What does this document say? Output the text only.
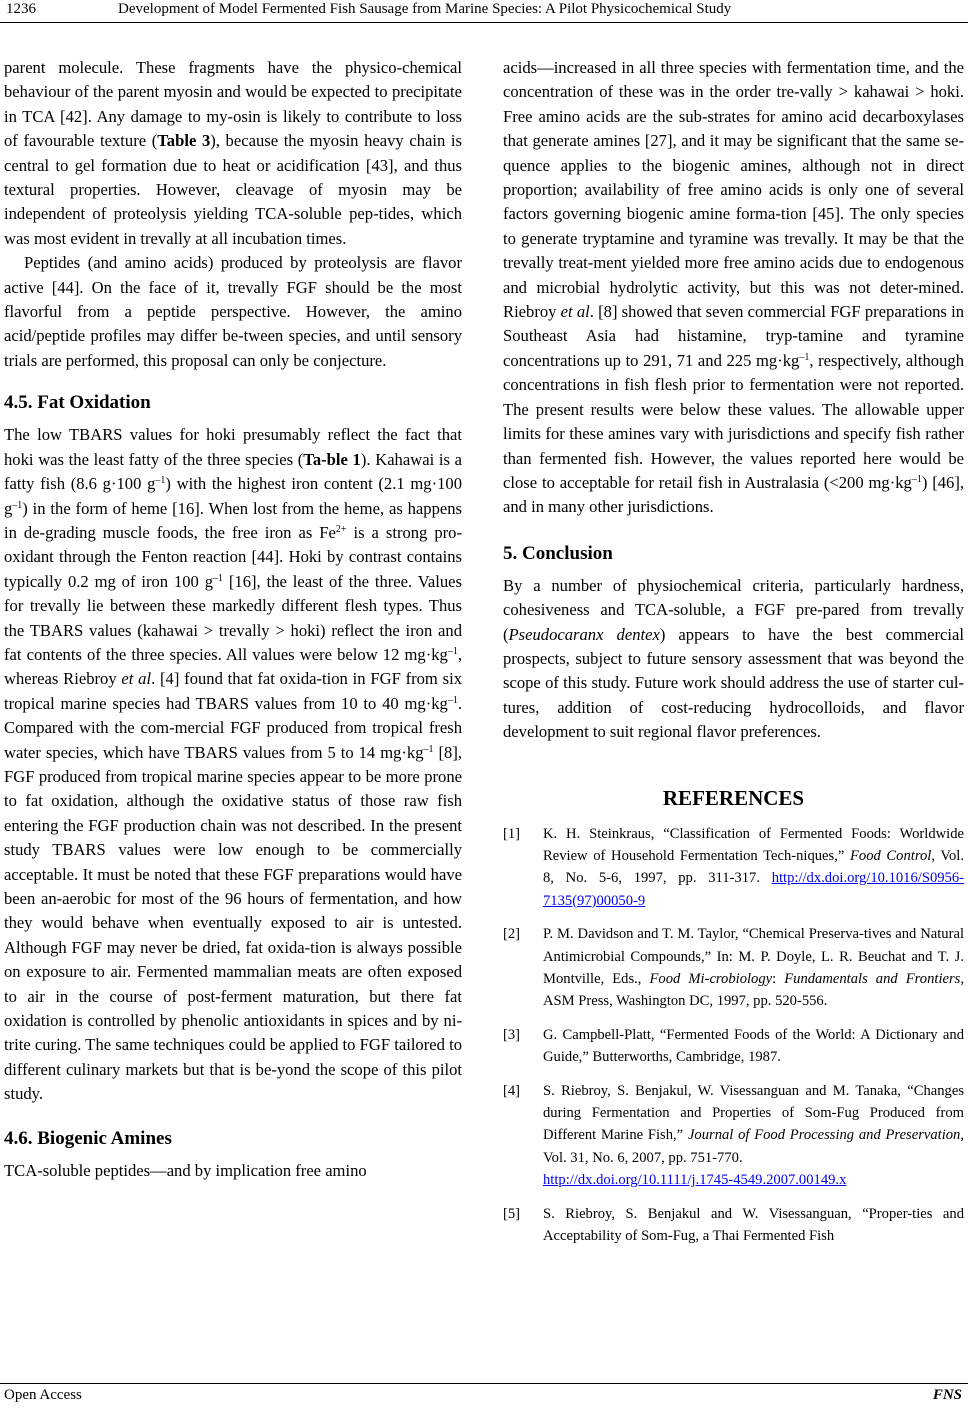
1236	Development of Model Fermented Fish Sausage from Marine Species: A Pilot Physicochemical Study

parent molecule. These fragments have the physico-chemical behaviour of the parent myosin and would be expected to precipitate in TCA [42]. Any damage to my-osin is likely to contribute to loss of favourable texture (Table 3), because the myosin heavy chain is central to gel formation due to heat or acidification [43], and thus textural properties. However, cleavage of myosin may be independent of proteolysis yielding TCA-soluble pep-tides, which was most evident in trevally at all incubation times.

Peptides (and amino acids) produced by proteolysis are flavor active [44]. On the face of it, trevally FGF should be the most flavorful from a peptide perspective. However, the amino acid/peptide profiles may differ be-tween species, and until sensory trials are performed, this proposal can only be conjecture.

4.5. Fat Oxidation

The low TBARS values for hoki presumably reflect the fact that hoki was the least fatty of the three species (Ta-ble 1). Kahawai is a fatty fish (8.6 g·100 $g^{-1}$) with the highest iron content (2.1 mg·100 $g^{-1}$) in the form of heme [16]. When lost from the heme, as happens in de-grading muscle foods, the free iron as $Fe^{2+}$ is a strong pro-oxidant through the Fenton reaction [44]. Hoki by contrast contains typically 0.2 mg of iron 100 $g^{-1}$ [16], the least of the three. Values for trevally lie between these markedly different flesh types. Thus the TBARS values (kahawai > trevally > hoki) reflect the iron and fat contents of the three species. All values were below 12 $mg\cdot kg^{-1}$, whereas Riebroy et al. [4] found that fat oxida-tion in FGF from six tropical marine species had TBARS values from 10 to 40 $mg\cdot kg^{-1}$. Compared with the com-mercial FGF produced from tropical fresh water species, which have TBARS values from 5 to 14 $mg\cdot kg^{-1}$ [8], FGF produced from tropical marine species appear to be more prone to fat oxidation, although the oxidative status of those raw fish entering the FGF production chain was not described. In the present study TBARS values were low enough to be commercially acceptable. It must be noted that these FGF preparations would have been an-aerobic for most of the 96 hours of fermentation, and how they would behave when eventually exposed to air is untested. Although FGF may never be dried, fat oxida-tion is always possible on exposure to air. Fermented mammalian meats are often exposed to air in the course of post-ferment maturation, but there fat oxidation is controlled by phenolic antioxidants in spices and by ni-trite curing. The same techniques could be applied to FGF tailored to different culinary markets but that is be-yond the scope of this pilot study.

4.6. Biogenic Amines

TCA-soluble peptides—and by implication free amino

acids—increased in all three species with fermentation time, and the concentration of these was in the order tre-vally > kahawai > hoki. Free amino acids are the sub-strates for amino acid decarboxylases that generate amines [27], and it may be significant that the same se-quence applies to the biogenic amines, although not in direct proportion; availability of free amino acids is only one of several factors governing biogenic amine forma-tion [45]. The only species to generate tryptamine and tyramine was trevally. It may be that the trevally treat-ment yielded more free amino acids due to endogenous and microbial hydrolytic activity, but this was not deter-mined. Riebroy et al. [8] showed that seven commercial FGF preparations in Southeast Asia had histamine, tryp-tamine and tyramine concentrations up to 291, 71 and 225 $mg\cdot kg^{-1}$, respectively, although concentrations in fish flesh prior to fermentation were not reported. The present results were below these values. The allowable upper limits for these amines vary with jurisdictions and specify fish rather than fermented fish. However, the values reported here would be close to acceptable for retail fish in Australasia (<200 $mg\cdot kg^{-1}$) [46], and in many other jurisdictions.

5. Conclusion

By a number of physiochemical criteria, particularly hardness, cohesiveness and TCA-soluble, a FGF pre-pared from trevally (Pseudocaranx dentex) appears to have the best commercial prospects, subject to future sensory assessment that was beyond the scope of this study. Future work should address the use of starter cul-tures, addition of cost-reducing hydrocolloids, and flavor development to suit regional flavor preferences.

REFERENCES
[1] K. H. Steinkraus, “Classification of Fermented Foods: Worldwide Review of Household Fermentation Tech-niques,” Food Control, Vol. 8, No. 5-6, 1997, pp. 311-317. http://dx.doi.org/10.1016/S0956-7135(97)00050-9
[2] P. M. Davidson and T. M. Taylor, “Chemical Preserva-tives and Natural Antimicrobial Compounds,” In: M. P. Doyle, L. R. Beuchat and T. J. Montville, Eds., Food Mi-crobiology: Fundamentals and Frontiers, ASM Press, Washington DC, 1997, pp. 520-556.
[3] G. Campbell-Platt, “Fermented Foods of the World: A Dictionary and Guide,” Butterworths, Cambridge, 1987.
[4] S. Riebroy, S. Benjakul, W. Visessanguan and M. Tanaka, “Changes during Fermentation and Properties of Som-Fug Produced from Different Marine Fish,” Journal of Food Processing and Preservation, Vol. 31, No. 6, 2007, pp. 751-770.
http://dx.doi.org/10.1111/j.1745-4549.2007.00149.x
[5] S. Riebroy, S. Benjakul and W. Visessanguan, “Proper-ties and Acceptability of Som-Fug, a Thai Fermented Fish
Open Access	FNS
